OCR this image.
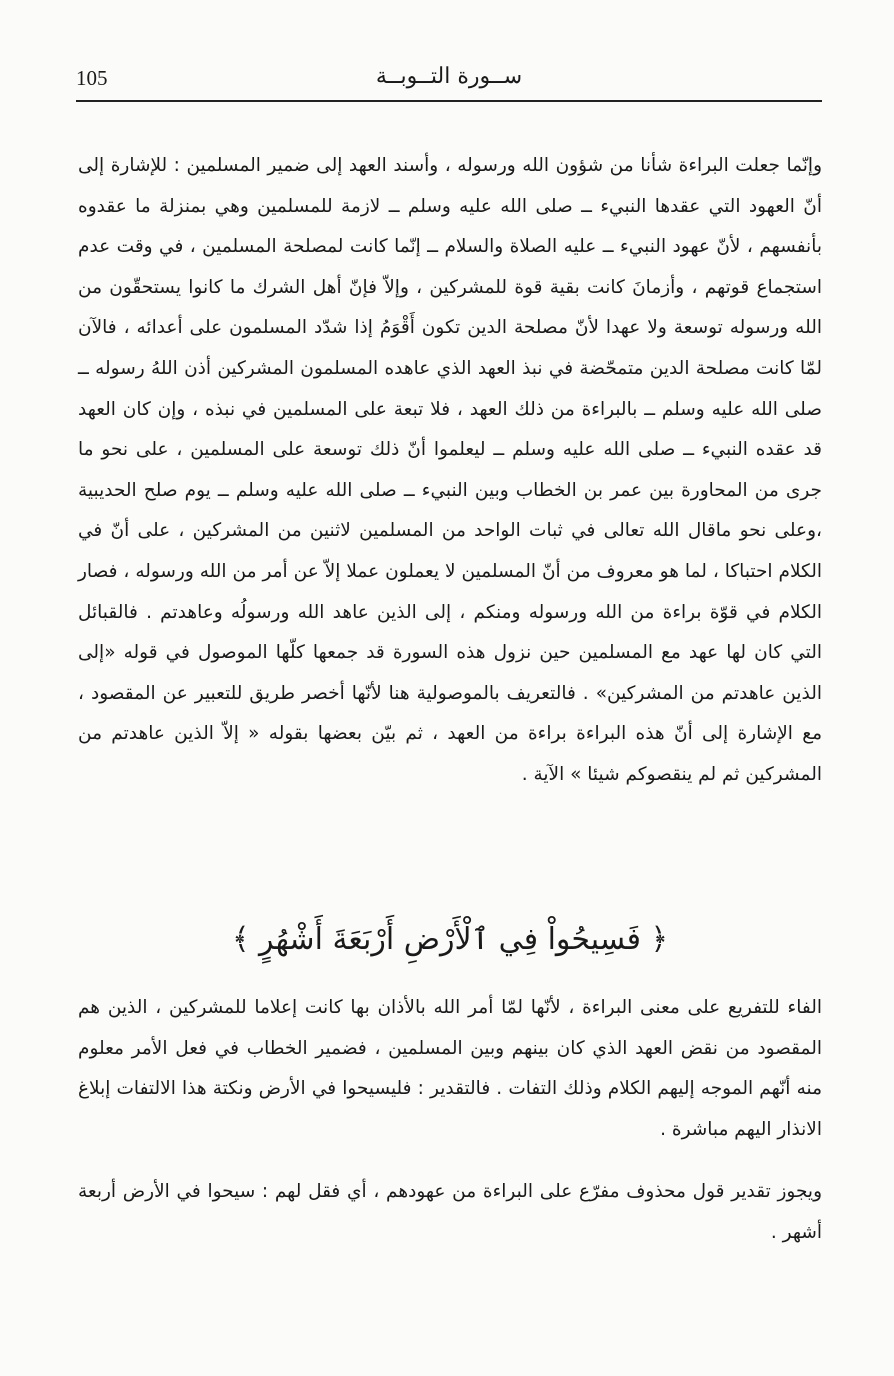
105	ســورة التــوبــة
وإنّما جعلت البراءة شأنا من شؤون الله ورسوله ، وأسند العهد إلى ضمير المسلمين : للإشارة إلى أنّ العهود التي عقدها النبيء ــ صلى الله عليه وسلم ــ لازمة للمسلمين وهي بمنزلة ما عقدوه بأنفسهم ، لأنّ عهود النبيء ــ عليه الصلاة والسلام ــ إنّما كانت لمصلحة المسلمين ، في وقت عدم استجماع قوتهم ، وأزمانَ كانت بقية قوة للمشركين ، وإلاّ فإنّ أهل الشرك ما كانوا يستحقّون من الله ورسوله توسعة ولا عهدا لأنّ مصلحة الدين تكون أَقْوَمُ إذا شدّد المسلمون على أعدائه ، فالآن لمّا كانت مصلحة الدين متمحّضة في نبذ العهد الذي عاهده المسلمون المشركين أذن اللهُ رسوله ــ صلى الله عليه وسلم ــ بالبراءة من ذلك العهد ، فلا تبعة على المسلمين في نبذه ، وإن كان العهد قد عقده النبيء ــ صلى الله عليه وسلم ــ ليعلموا أنّ ذلك توسعة على المسلمين ، على نحو ما جرى من المحاورة بين عمر بن الخطاب وبين النبيء ــ صلى الله عليه وسلم ــ يوم صلح الحديبية ،وعلى نحو ماقال الله تعالى في ثبات الواحد من المسلمين لاثنين من المشركين ، على أنّ في الكلام احتباكا ، لما هو معروف من أنّ المسلمين لا يعملون عملا إلاّ عن أمر من الله ورسوله ، فصار الكلام في قوّة براءة من الله ورسوله ومنكم ، إلى الذين عاهد الله ورسولُه وعاهدتم . فالقبائل التي كان لها عهد مع المسلمين حين نزول هذه السورة قد جمعها كلّها الموصول في قوله «إلى الذين عاهدتم من المشركين» . فالتعريف بالموصولية هنا لأنّها أخصر طريق للتعبير عن المقصود ، مع الإشارة إلى أنّ هذه البراءة براءة من العهد ، ثم بيّن بعضها بقوله « إلاّ الذين عاهدتم من المشركين ثم لم ينقصوكم شيئا » الآية .
﴿ فَسِيحُواْ فِي ٱلْأَرْضِ أَرْبَعَةَ أَشْهُرٍ ﴾
الفاء للتفريع على معنى البراءة ، لأنّها لمّا أمر الله بالأذان بها كانت إعلاما للمشركين ، الذين هم المقصود من نقض العهد الذي كان بينهم وبين المسلمين ، فضمير الخطاب في فعل الأمر معلوم منه أنّهم الموجه إليهم الكلام وذلك التفات . فالتقدير : فليسيحوا في الأرض ونكتة هذا الالتفات إبلاغ الانذار اليهم مباشرة .
ويجوز تقدير قول محذوف مفرّع على البراءة من عهودهم ، أي فقل لهم : سيحوا في الأرض أربعة أشهر .
